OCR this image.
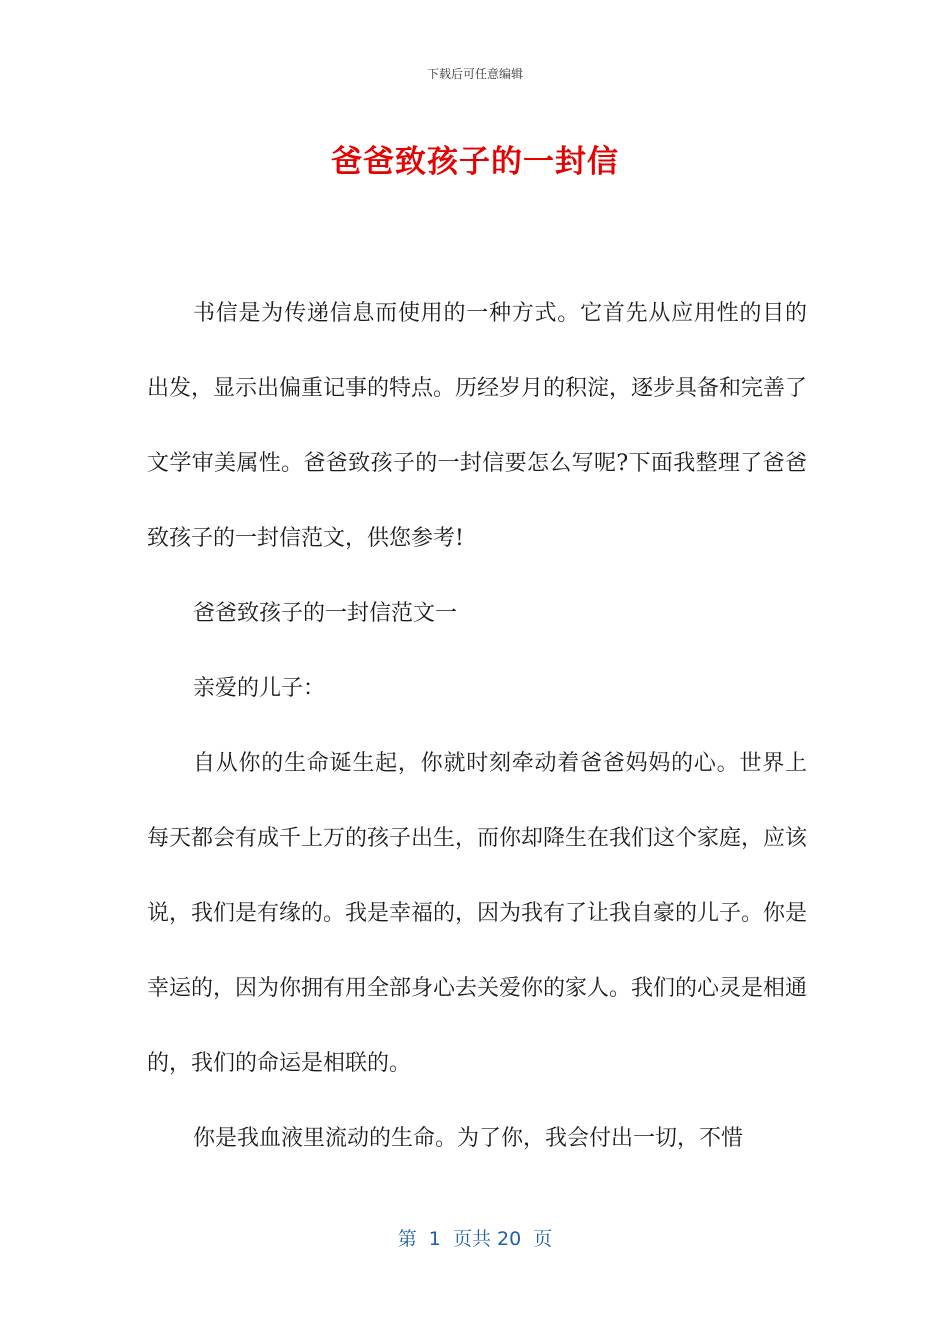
下载后可任意编辑
爸爸致孩子的一封信

书信是为传递信息而使用的一种方式。它首先从应用性的目的出发，显示出偏重记事的特点。历经岁月的积淀，逐步具备和完善了文学审美属性。爸爸致孩子的一封信要怎么写呢?下面我整理了爸爸致孩子的一封信范文，供您参考!

爸爸致孩子的一封信范文一

亲爱的儿子：

自从你的生命诞生起，你就时刻牵动着爸爸妈妈的心。世界上每天都会有成千上万的孩子出生，而你却降生在我们这个家庭，应该说，我们是有缘的。我是幸福的，因为我有了让我自豪的儿子。你是幸运的，因为你拥有用全部身心去关爱你的家人。我们的心灵是相通的，我们的命运是相联的。

你是我血液里流动的生命。为了你，我会付出一切，不惜

第  1  页共 20  页
